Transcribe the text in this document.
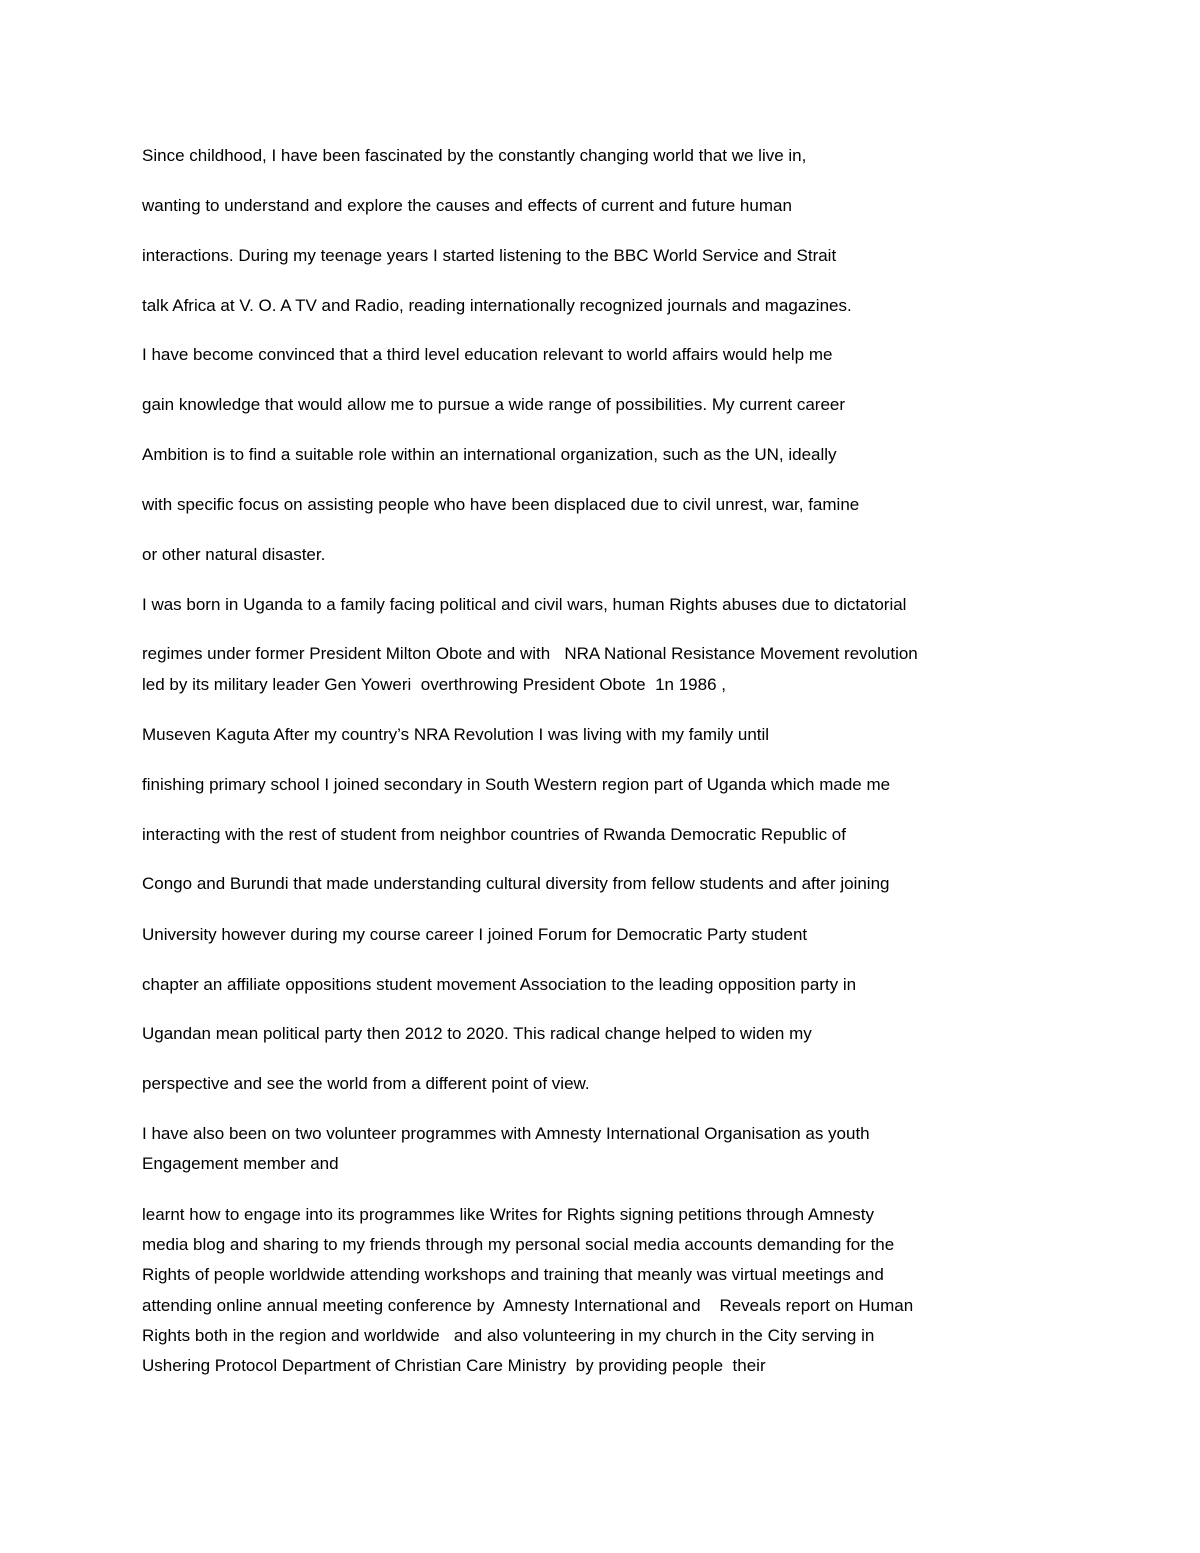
Since childhood, I have been fascinated by the constantly changing world that we live in,
wanting to understand and explore the causes and effects of current and future human
interactions. During my teenage years I started listening to the BBC World Service and Strait
talk Africa at V. O. A TV and Radio, reading internationally recognized journals and magazines.
I have become convinced that a third level education relevant to world affairs would help me
gain knowledge that would allow me to pursue a wide range of possibilities. My current career
Ambition is to find a suitable role within an international organization, such as the UN, ideally
with specific focus on assisting people who have been displaced due to civil unrest, war, famine
or other natural disaster.
I was born in Uganda to a family facing political and civil wars, human Rights abuses due to dictatorial
regimes under former President Milton Obote and with   NRA National Resistance Movement revolution
led by its military leader Gen Yoweri  overthrowing President Obote  1n 1986 ,
Museven Kaguta After my country’s NRA Revolution I was living with my family until
finishing primary school I joined secondary in South Western region part of Uganda which made me
interacting with the rest of student from neighbor countries of Rwanda Democratic Republic of
Congo and Burundi that made understanding cultural diversity from fellow students and after joining
University however during my course career I joined Forum for Democratic Party student
chapter an affiliate oppositions student movement Association to the leading opposition party in
Ugandan mean political party then 2012 to 2020. This radical change helped to widen my
perspective and see the world from a different point of view.
I have also been on two volunteer programmes with Amnesty International Organisation as youth
Engagement member and
learnt how to engage into its programmes like Writes for Rights signing petitions through Amnesty
media blog and sharing to my friends through my personal social media accounts demanding for the
Rights of people worldwide attending workshops and training that meanly was virtual meetings and
attending online annual meeting conference by  Amnesty International and    Reveals report on Human
Rights both in the region and worldwide   and also volunteering in my church in the City serving in
Ushering Protocol Department of Christian Care Ministry  by providing people  their
